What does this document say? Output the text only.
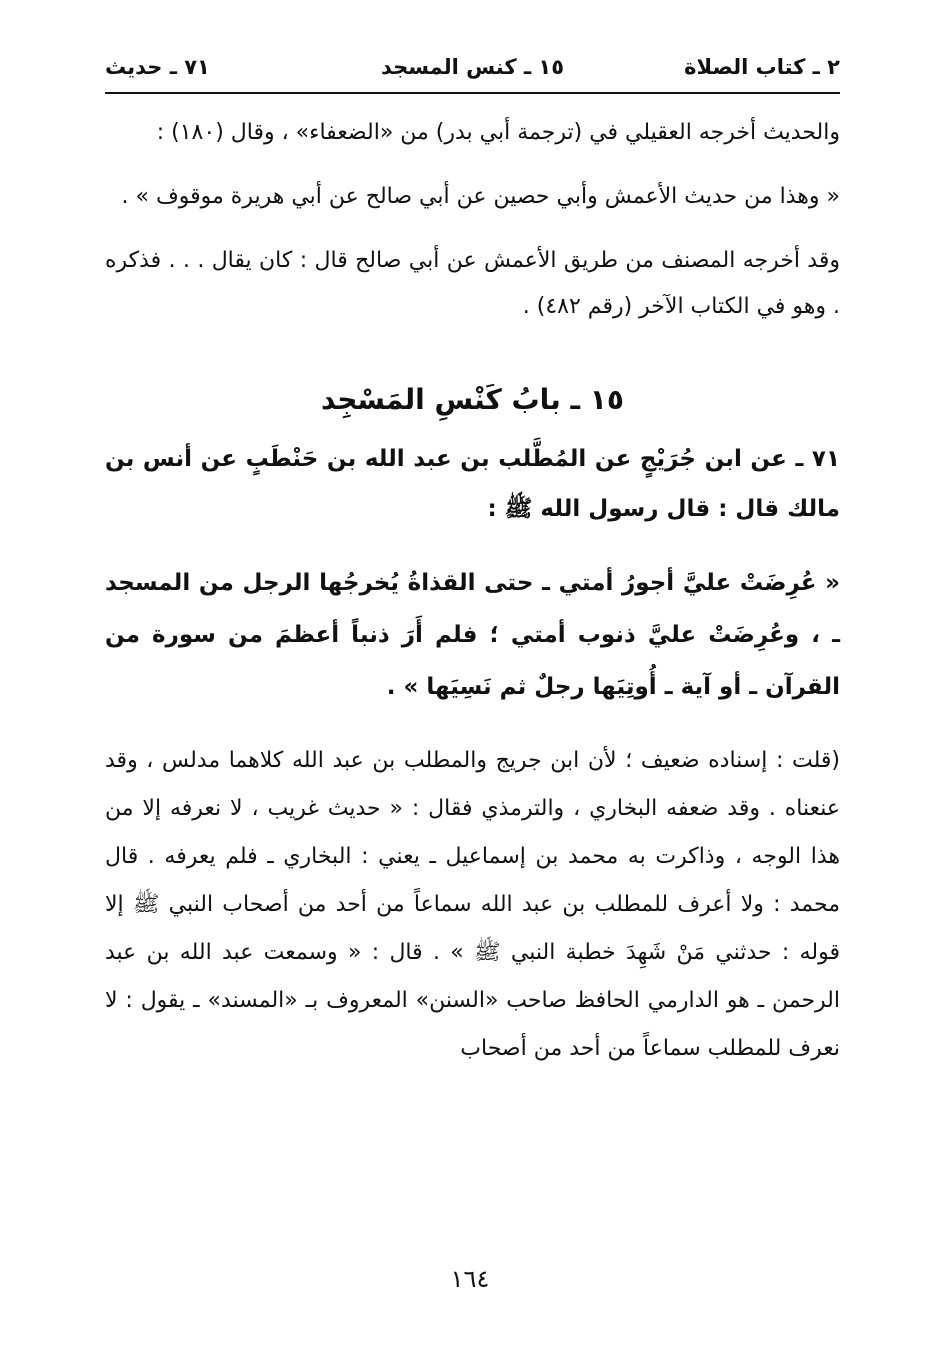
٢ ـ كتاب الصلاة
١٥ ـ كنس المسجد
٧١ ـ حديث

والحديث أخرجه العقيلي في (ترجمة أبي بدر) من «الضعفاء» ، وقال (١٨٠) :

« وهذا من حديث الأعمش وأبي حصين عن أبي صالح عن أبي هريرة موقوف » .

وقد أخرجه المصنف من طريق الأعمش عن أبي صالح قال : كان يقال . . . فذكره . وهو في الكتاب الآخر (رقم ٤٨٢) .

١٥ ـ بابُ كَنْسِ المَسْجِد

٧١ ـ عن ابن جُرَيْجٍ عن المُطَّلب بن عبد الله بن حَنْطَبٍ عن أنس بن مالك قال : قال رسول الله ﷺ :

« عُرِضَتْ عليَّ أجورُ أمتي ـ حتى القذاةُ يُخرجُها الرجل من المسجد ـ ، وعُرِضَتْ عليَّ ذنوب أمتي ؛ فلم أَرَ ذنباً أعظمَ من سورة من القرآن ـ أو آية ـ أُوتِيَها رجلٌ ثم نَسِيَها » .

(قلت : إسناده ضعيف ؛ لأن ابن جريج والمطلب بن عبد الله كلاهما مدلس ، وقد عنعناه . وقد ضعفه البخاري ، والترمذي فقال : « حديث غريب ، لا نعرفه إلا من هذا الوجه ، وذاكرت به محمد بن إسماعيل ـ يعني : البخاري ـ فلم يعرفه . قال محمد : ولا أعرف للمطلب بن عبد الله سماعاً من أحد من أصحاب النبي ﷺ إلا قوله : حدثني مَنْ شَهِدَ خطبة النبي ﷺ » . قال : « وسمعت عبد الله بن عبد الرحمن ـ هو الدارمي الحافظ صاحب «السنن» المعروف بـ «المسند» ـ يقول : لا نعرف للمطلب سماعاً من أحد من أصحاب

١٦٤
